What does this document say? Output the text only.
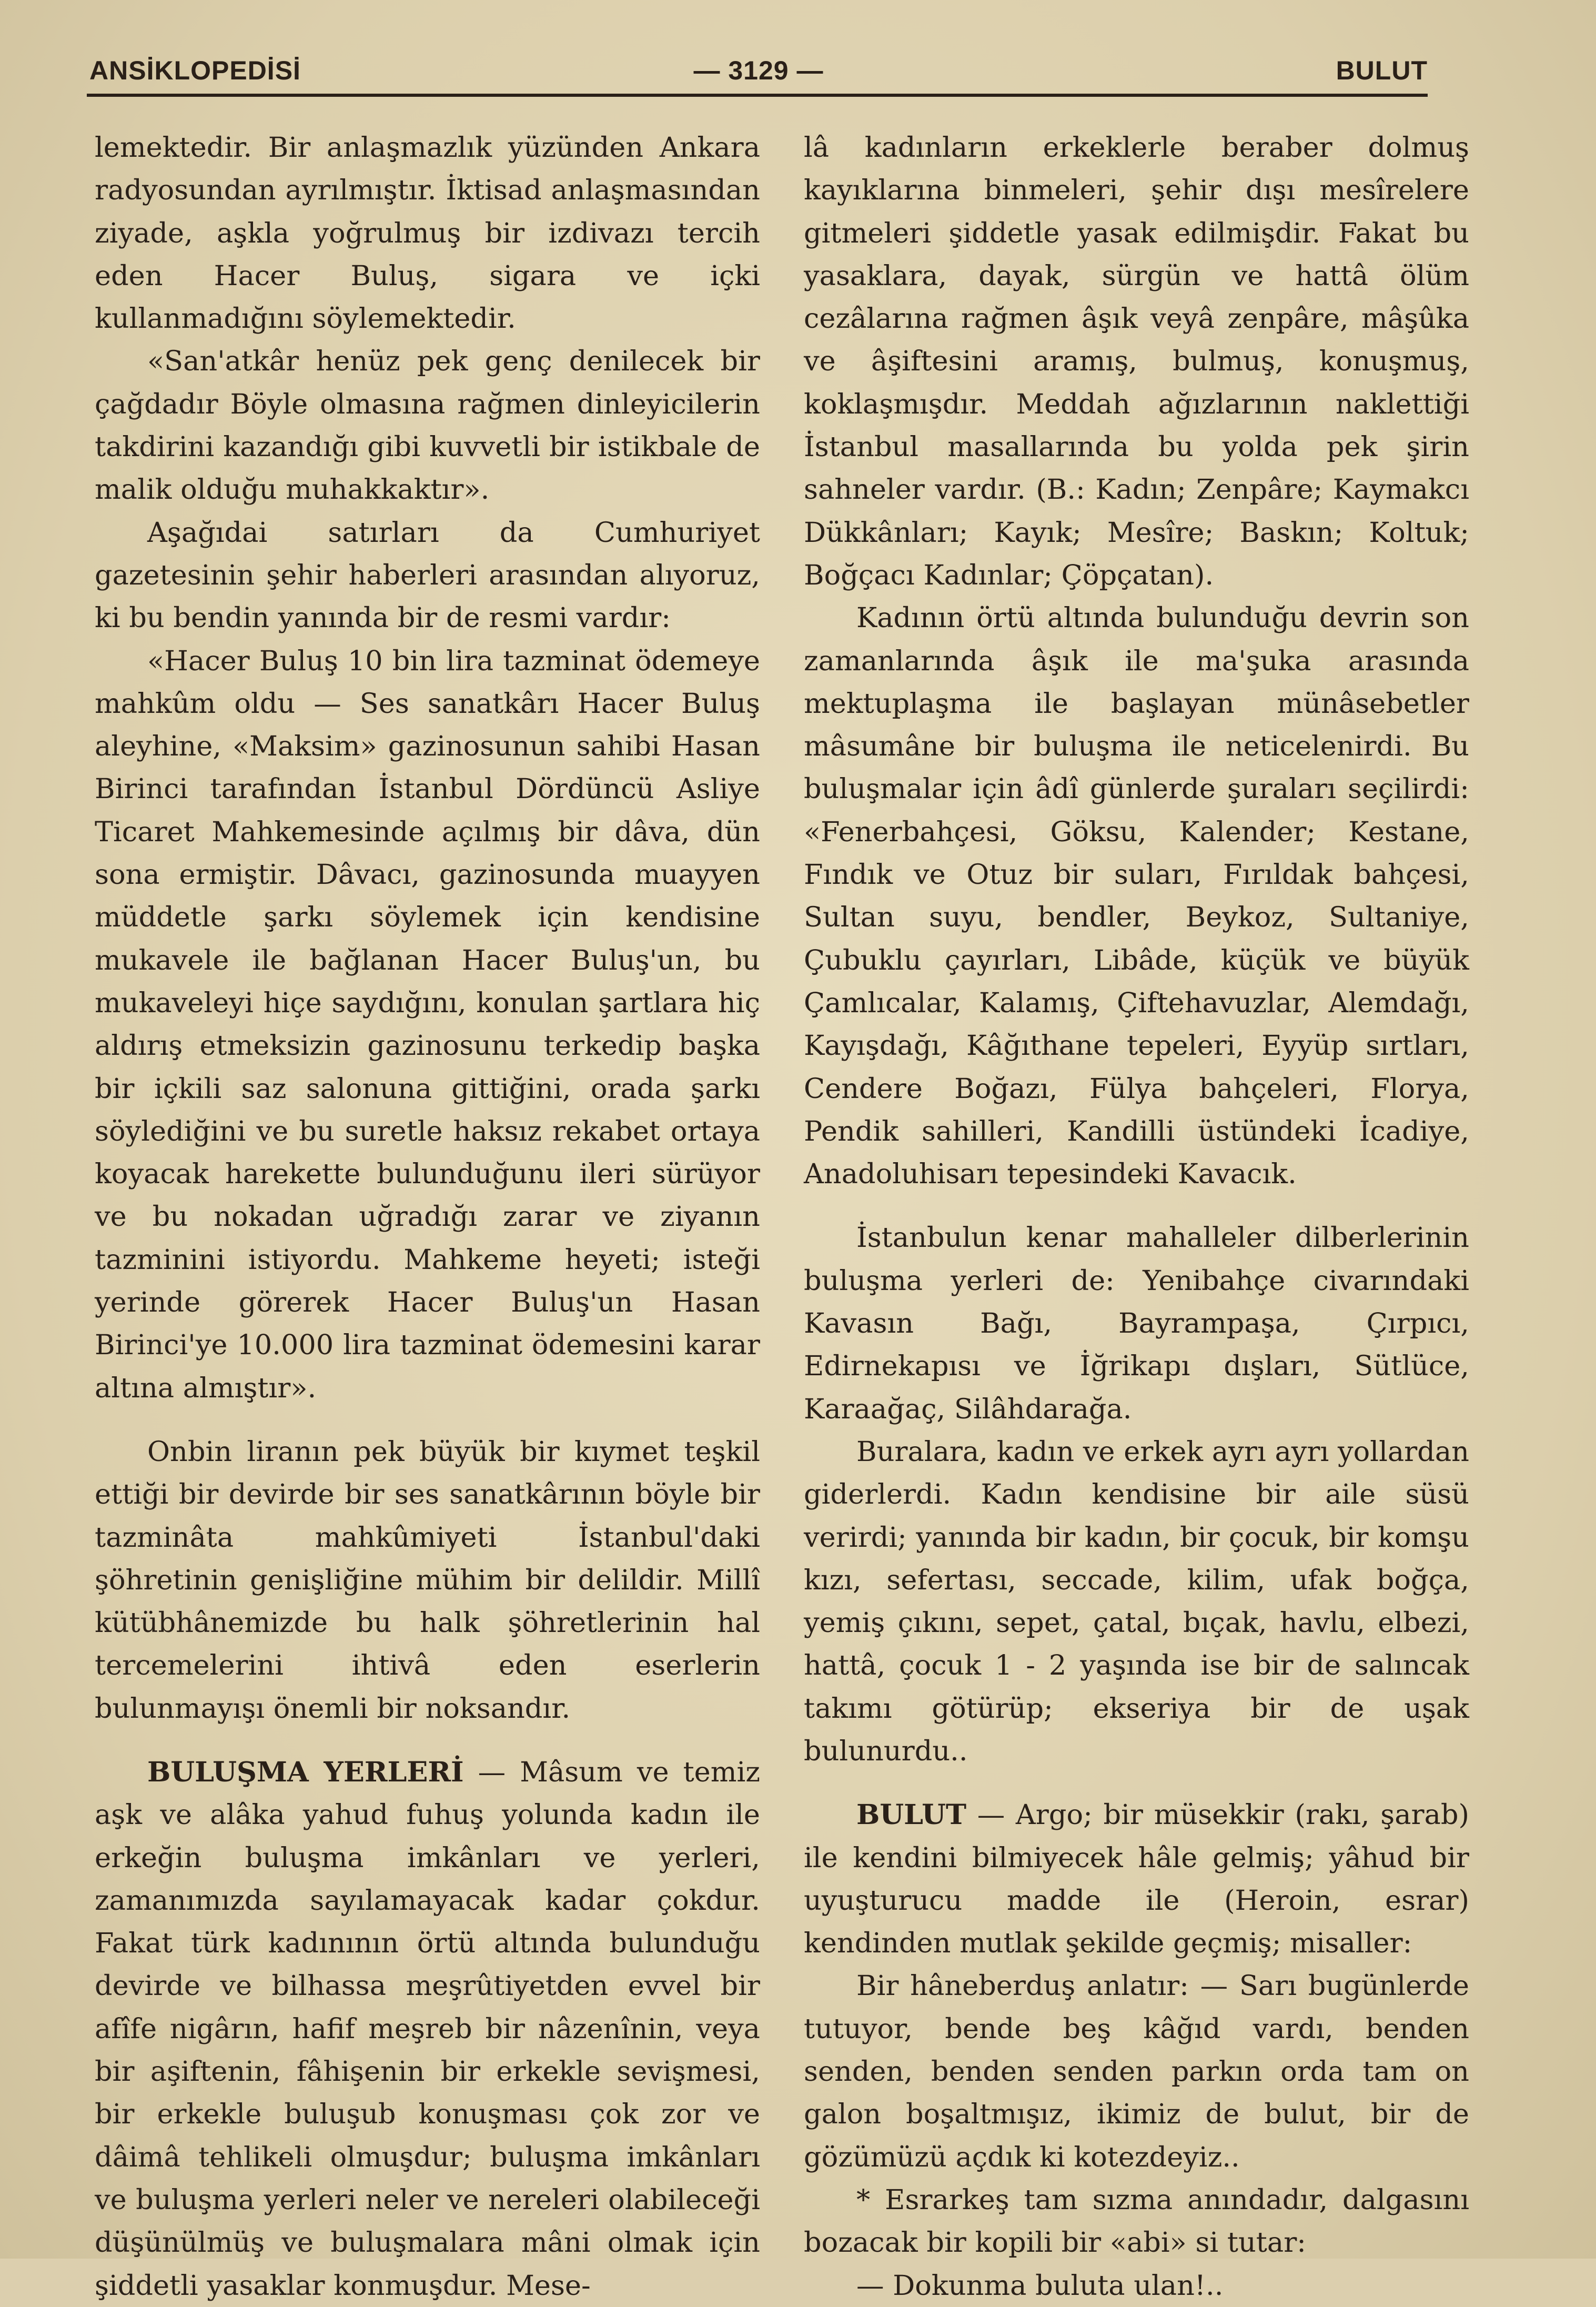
ANSİKLOPEDİSİ	— 3129 —	BULUT

lemektedir. Bir anlaşmazlık yüzünden Ankara radyosundan ayrılmıştır. İktisad anlaşmasından ziyade, aşkla yoğrulmuş bir izdivazı tercih eden Hacer Buluş, sigara ve içki kullanmadığını söylemektedir.

«San'atkâr henüz pek genç denilecek bir çağdadır Böyle olmasına rağmen dinleyicilerin takdirini kazandığı gibi kuvvetli bir istikbale de malik olduğu muhakkaktır».

Aşağıdai satırları da Cumhuriyet gazetesinin şehir haberleri arasından alıyoruz, ki bu bendin yanında bir de resmi vardır:

«Hacer Buluş 10 bin lira tazminat ödemeye mahkûm oldu — Ses sanatkârı Hacer Buluş aleyhine, «Maksim» gazinosunun sahibi Hasan Birinci tarafından İstanbul Dördüncü Asliye Ticaret Mahkemesinde açılmış bir dâva, dün sona ermiştir. Dâvacı, gazinosunda muayyen müddetle şarkı söylemek için kendisine mukavele ile bağlanan Hacer Buluş'un, bu mukaveleyi hiçe saydığını, konulan şartlara hiç aldırış etmeksizin gazinosunu terkedip başka bir içkili saz salonuna gittiğini, orada şarkı söylediğini ve bu suretle haksız rekabet ortaya koyacak harekette bulunduğunu ileri sürüyor ve bu nokadan uğradığı zarar ve ziyanın tazminini istiyordu. Mahkeme heyeti; isteği yerinde görerek Hacer Buluş'un Hasan Birinci'ye 10.000 lira tazminat ödemesini karar altına almıştır».

Onbin liranın pek büyük bir kıymet teşkil ettiği bir devirde bir ses sanatkârının böyle bir tazminâta mahkûmiyeti İstanbul'daki şöhretinin genişliğine mühim bir delildir. Millî kütübhânemizde bu halk şöhretlerinin hal tercemelerini ihtivâ eden eserlerin bulunmayışı önemli bir noksandır.

BULUŞMA YERLERİ — Mâsum ve temiz aşk ve alâka yahud fuhuş yolunda kadın ile erkeğin buluşma imkânları ve yerleri, zamanımızda sayılamayacak kadar çokdur. Fakat türk kadınının örtü altında bulunduğu devirde ve bilhassa meşrûtiyetden evvel bir afîfe nigârın, hafif meşreb bir nâzenînin, veya bir aşiftenin, fâhişenin bir erkekle sevişmesi, bir erkekle buluşub konuşması çok zor ve dâimâ tehlikeli olmuşdur; buluşma imkânları ve buluşma yerleri neler ve nereleri olabileceği düşünülmüş ve buluşmalara mâni olmak için şiddetli yasaklar konmuşdur. Mese-

lâ kadınların erkeklerle beraber dolmuş kayıklarına binmeleri, şehir dışı mesîrelere gitmeleri şiddetle yasak edilmişdir. Fakat bu yasaklara, dayak, sürgün ve hattâ ölüm cezâlarına rağmen âşık veyâ zenpâre, mâşûka ve âşiftesini aramış, bulmuş, konuşmuş, koklaşmışdır. Meddah ağızlarının naklettiği İstanbul masallarında bu yolda pek şirin sahneler vardır. (B.: Kadın; Zenpâre; Kaymakcı Dükkânları; Kayık; Mesîre; Baskın; Koltuk; Boğçacı Kadınlar; Çöpçatan).

Kadının örtü altında bulunduğu devrin son zamanlarında âşık ile ma'şuka arasında mektuplaşma ile başlayan münâsebetler mâsumâne bir buluşma ile neticelenirdi. Bu buluşmalar için âdî günlerde şuraları seçilirdi: «Fenerbahçesi, Göksu, Kalender; Kestane, Fındık ve Otuz bir suları, Fırıldak bahçesi, Sultan suyu, bendler, Beykoz, Sultaniye, Çubuklu çayırları, Libâde, küçük ve büyük Çamlıcalar, Kalamış, Çiftehavuzlar, Alemdağı, Kayışdağı, Kâğıthane tepeleri, Eyyüp sırtları, Cendere Boğazı, Fülya bahçeleri, Florya, Pendik sahilleri, Kandilli üstündeki İcadiye, Anadoluhisarı tepesindeki Kavacık.

İstanbulun kenar mahalleler dilberlerinin buluşma yerleri de: Yenibahçe civarındaki Kavasın Bağı, Bayrampaşa, Çırpıcı, Edirnekapısı ve İğrikapı dışları, Sütlüce, Karaağaç, Silâhdarağa.

Buralara, kadın ve erkek ayrı ayrı yollardan giderlerdi. Kadın kendisine bir aile süsü verirdi; yanında bir kadın, bir çocuk, bir komşu kızı, sefertası, seccade, kilim, ufak boğça, yemiş çıkını, sepet, çatal, bıçak, havlu, elbezi, hattâ, çocuk 1 - 2 yaşında ise bir de salıncak takımı götürüp; ekseriya bir de uşak bulunurdu..

BULUT — Argo; bir müsekkir (rakı, şarab) ile kendini bilmiyecek hâle gelmiş; yâhud bir uyuşturucu madde ile (Heroin, esrar) kendinden mutlak şekilde geçmiş; misaller:

Bir hâneberduş anlatır: — Sarı bugünlerde tutuyor, bende beş kâğıd vardı, benden senden, benden senden parkın orda tam on galon boşaltmışız, ikimiz de bulut, bir de gözümüzü açdık ki kotezdeyiz..

* Esrarkeş tam sızma anındadır, dalgasını bozacak bir kopili bir «abi» si tutar:

— Dokunma buluta ulan!..
